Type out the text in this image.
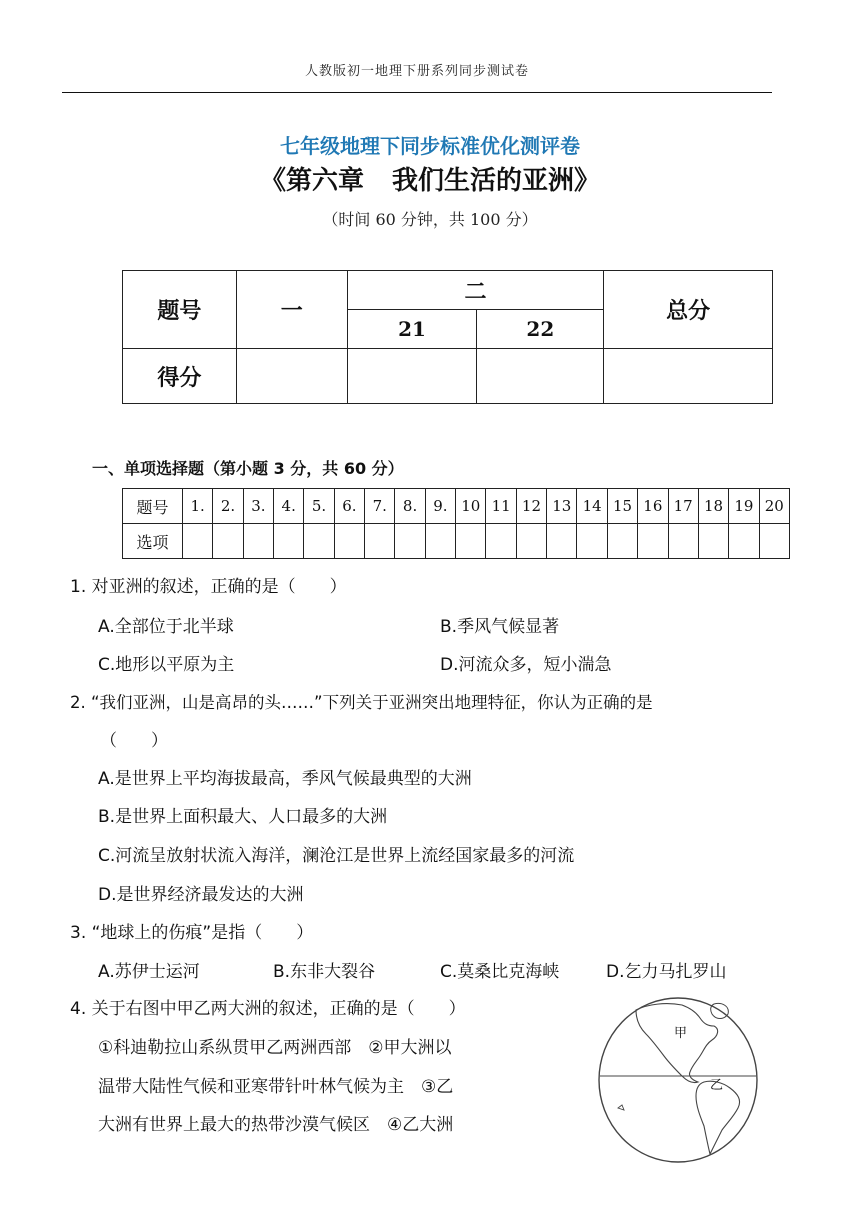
人教版初一地理下册系列同步测试卷
七年级地理下同步标准优化测评卷
《第六章 我们生活的亚洲》
（时间 60 分钟，共 100 分）
题号	一	二		总分
		21	22	
得分				
一、单项选择题（第小题 3 分，共 60 分）
题号	1.	2.	3.	4.	5.	6.	7.	8.	9.	10	11	12	13	14	15	16	17	18	19	20
选项																				
1. 对亚洲的叙述，正确的是（　　）
A.全部位于北半球	B.季风气候显著
C.地形以平原为主	D.河流众多，短小湍急
2. “我们亚洲，山是高昂的头……”下列关于亚洲突出地理特征，你认为正确的是
（　　）
A.是世界上平均海拔最高，季风气候最典型的大洲
B.是世界上面积最大、人口最多的大洲
C.河流呈放射状流入海洋，澜沧江是世界上流经国家最多的河流
D.是世界经济最发达的大洲
3. “地球上的伤痕”是指（　　）
A.苏伊士运河	B.东非大裂谷	C.莫桑比克海峡	D.乞力马扎罗山
4. 关于右图中甲乙两大洲的叙述，正确的是（　　）
①科迪勒拉山系纵贯甲乙两洲西部　②甲大洲以
温带大陆性气候和亚寒带针叶林气候为主　③乙
大洲有世界上最大的热带沙漠气候区　④乙大洲
甲
乙
